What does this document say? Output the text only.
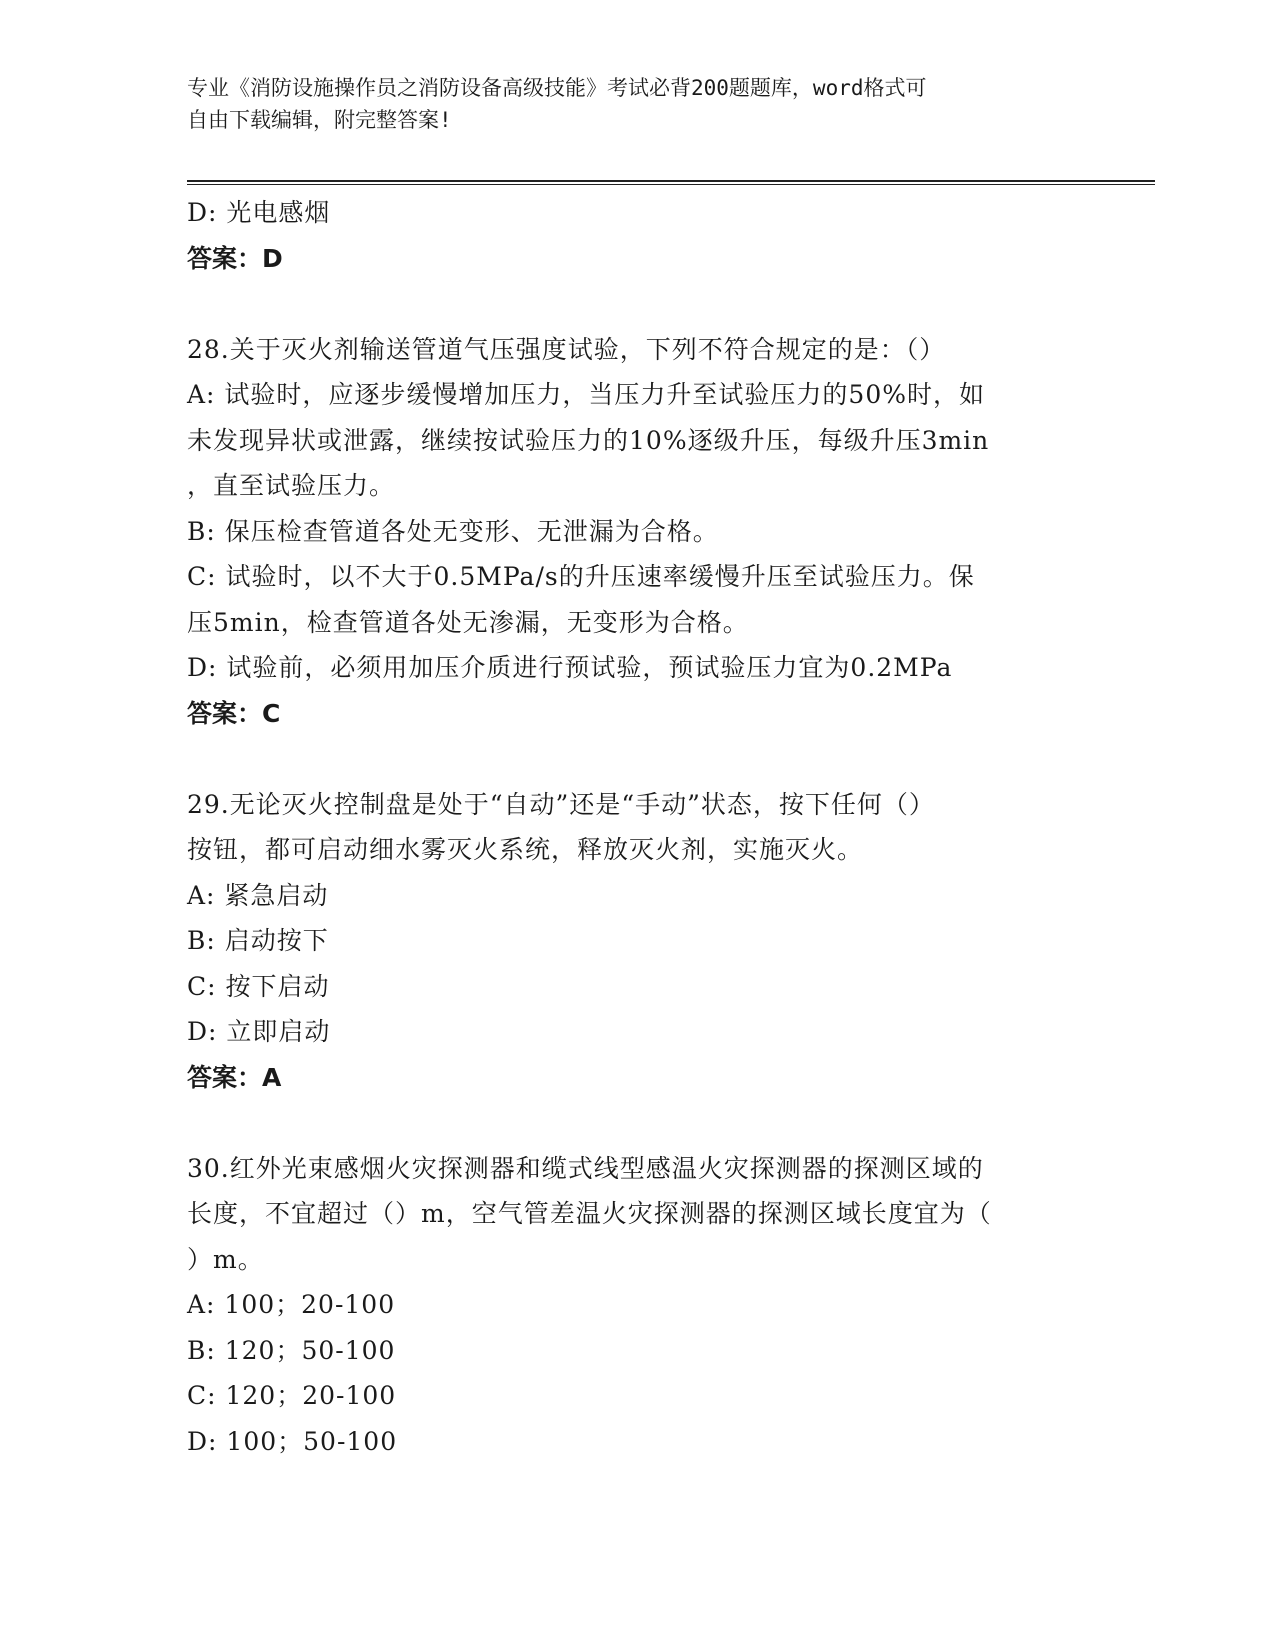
专业《消防设施操作员之消防设备高级技能》考试必背200题题库，word格式可
自由下载编辑，附完整答案!
D: 光电感烟
答案：D
28.关于灭火剂输送管道气压强度试验，下列不符合规定的是：（）
A: 试验时，应逐步缓慢增加压力，当压力升至试验压力的50%时，如
未发现异状或泄露，继续按试验压力的10%逐级升压，每级升压3min
，直至试验压力。
B: 保压检查管道各处无变形、无泄漏为合格。
C: 试验时，以不大于0.5MPa/s的升压速率缓慢升压至试验压力。保
压5min，检查管道各处无渗漏，无变形为合格。
D: 试验前，必须用加压介质进行预试验，预试验压力宜为0.2MPa
答案：C
29.无论灭火控制盘是处于“自动”还是“手动”状态，按下任何（）
按钮，都可启动细水雾灭火系统，释放灭火剂，实施灭火。
A: 紧急启动
B: 启动按下
C: 按下启动
D: 立即启动
答案：A
30.红外光束感烟火灾探测器和缆式线型感温火灾探测器的探测区域的
长度，不宜超过（）m，空气管差温火灾探测器的探测区域长度宜为（
）m。
A: 100；20-100
B: 120；50-100
C: 120；20-100
D: 100；50-100
